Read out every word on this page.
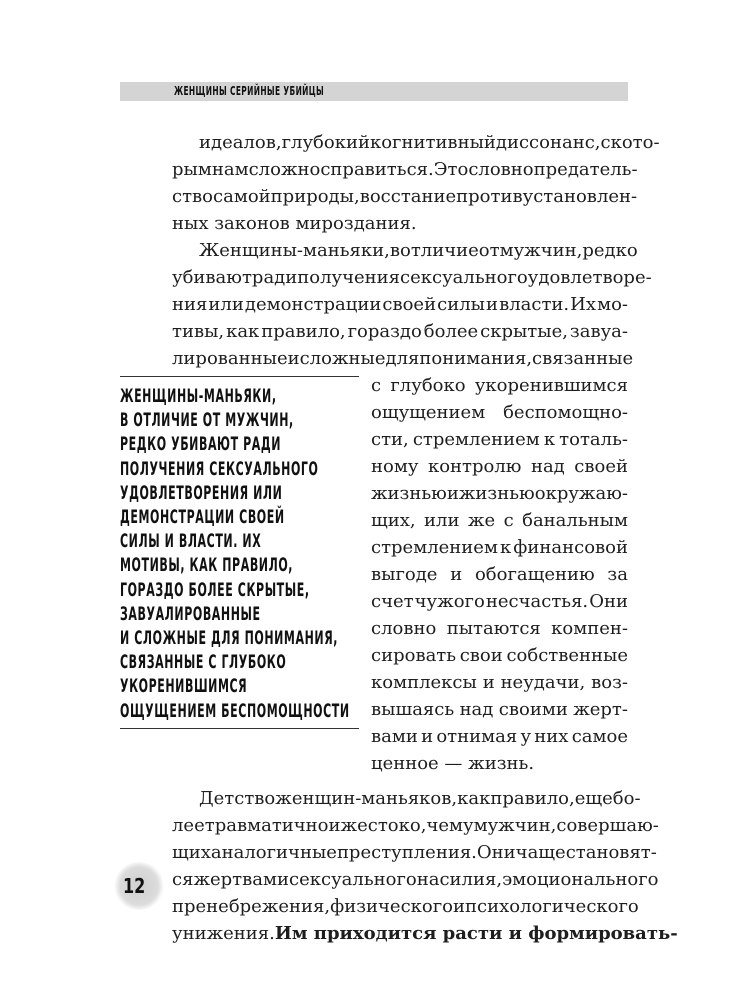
ЖЕНЩИНЫ СЕРИЙНЫЕ УБИЙЦЫ
идеалов, глубокий когнитивный диссонанс, с кото-
рым нам сложно справиться. Это словно предатель-
ство самой природы, восстание против установлен-
ных законов мироздания.
Женщины-маньяки, в отличие от мужчин, редко
убивают ради получения сексуального удовлетворе-
ния или демонстрации своей силы и власти. Их мо-
тивы, как правило, гораздо более скрытые, завуа-
лированные и сложные для понимания, связанные
с глубоко укоренившимся
ощущением беспомощно-
сти, стремлением к тоталь-
ному контролю над своей
жизнью и жизнью окружаю-
щих, или же с банальным
стремлением к финансовой
выгоде и обогащению за
счет чужого несчастья. Они
словно пытаются компен-
сировать свои собственные
комплексы и неудачи, воз-
вышаясь над своими жерт-
вами и отнимая у них самое
ценное — жизнь.
Детство женщин-маньяков, как правило, еще бо-
лее травматично и жестоко, чем у мужчин, совершаю-
щих аналогичные преступления. Они чаще становят-
ся жертвами сексуального насилия, эмоционального
пренебрежения, физического и психологического
унижения. Им приходится расти и формировать-
ЖЕНЩИНЫ-МАНЬЯКИ,
В ОТЛИЧИЕ ОТ МУЖЧИН,
РЕДКО УБИВАЮТ РАДИ
ПОЛУЧЕНИЯ СЕКСУАЛЬНОГО
УДОВЛЕТВОРЕНИЯ ИЛИ
ДЕМОНСТРАЦИИ СВОЕЙ
СИЛЫ И ВЛАСТИ. ИХ
МОТИВЫ, КАК ПРАВИЛО,
ГОРАЗДО БОЛЕЕ СКРЫТЫЕ,
ЗАВУАЛИРОВАННЫЕ
И СЛОЖНЫЕ ДЛЯ ПОНИМАНИЯ,
СВЯЗАННЫЕ С ГЛУБОКО
УКОРЕНИВШИМСЯ
ОЩУЩЕНИЕМ БЕСПОМОЩНОСТИ
12
